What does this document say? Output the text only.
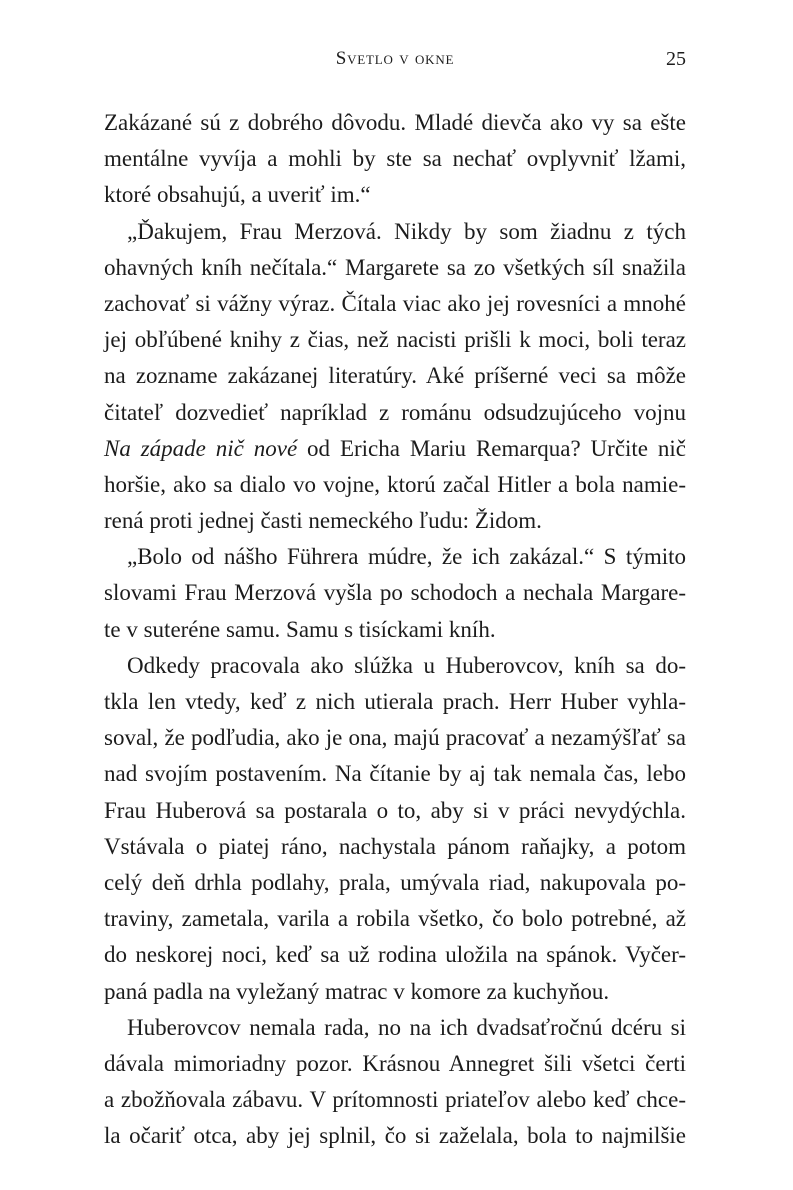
Svetlo v okne	25

Zakázané sú z dobrého dôvodu. Mladé dievča ako vy sa ešte
mentálne vyvíja a mohli by ste sa nechať ovplyvniť lžami,
ktoré obsahujú, a uveriť im.“

„Ďakujem, Frau Merzová. Nikdy by som žiadnu z tých
ohavných kníh nečítala.“ Margarete sa zo všetkých síl snažila
zachovať si vážny výraz. Čítala viac ako jej rovesníci a mnohé
jej obľúbené knihy z čias, než nacisti prišli k moci, boli teraz
na zozname zakázanej literatúry. Aké príšerné veci sa môže
čitateľ dozvedieť napríklad z románu odsudzujúceho vojnu
Na západe nič nové od Ericha Mariu Remarqua? Určite nič
horšie, ako sa dialo vo vojne, ktorú začal Hitler a bola namie-
rená proti jednej časti nemeckého ľudu: Židom.

„Bolo od nášho Führera múdre, že ich zakázal.“ S týmito
slovami Frau Merzová vyšla po schodoch a nechala Margare-
te v suteréne samu. Samu s tisíckami kníh.

Odkedy pracovala ako slúžka u Huberovcov, kníh sa do-
tkla len vtedy, keď z nich utierala prach. Herr Huber vyhla-
soval, že podľudia, ako je ona, majú pracovať a nezamýšľať sa
nad svojím postavením. Na čítanie by aj tak nemala čas, lebo
Frau Huberová sa postarala o to, aby si v práci nevydýchla.
Vstávala o piatej ráno, nachystala pánom raňajky, a potom
celý deň drhla podlahy, prala, umývala riad, nakupovala po-
traviny, zametala, varila a robila všetko, čo bolo potrebné, až
do neskorej noci, keď sa už rodina uložila na spánok. Vyčer-
paná padla na vyležaný matrac v komore za kuchyňou.

Huberovcov nemala rada, no na ich dvadsaťročnú dcéru si
dávala mimoriadny pozor. Krásnou Annegret šili všetci čerti
a zbožňovala zábavu. V prítomnosti priateľov alebo keď chce-
la očariť otca, aby jej splnil, čo si zaželala, bola to najmilšie
